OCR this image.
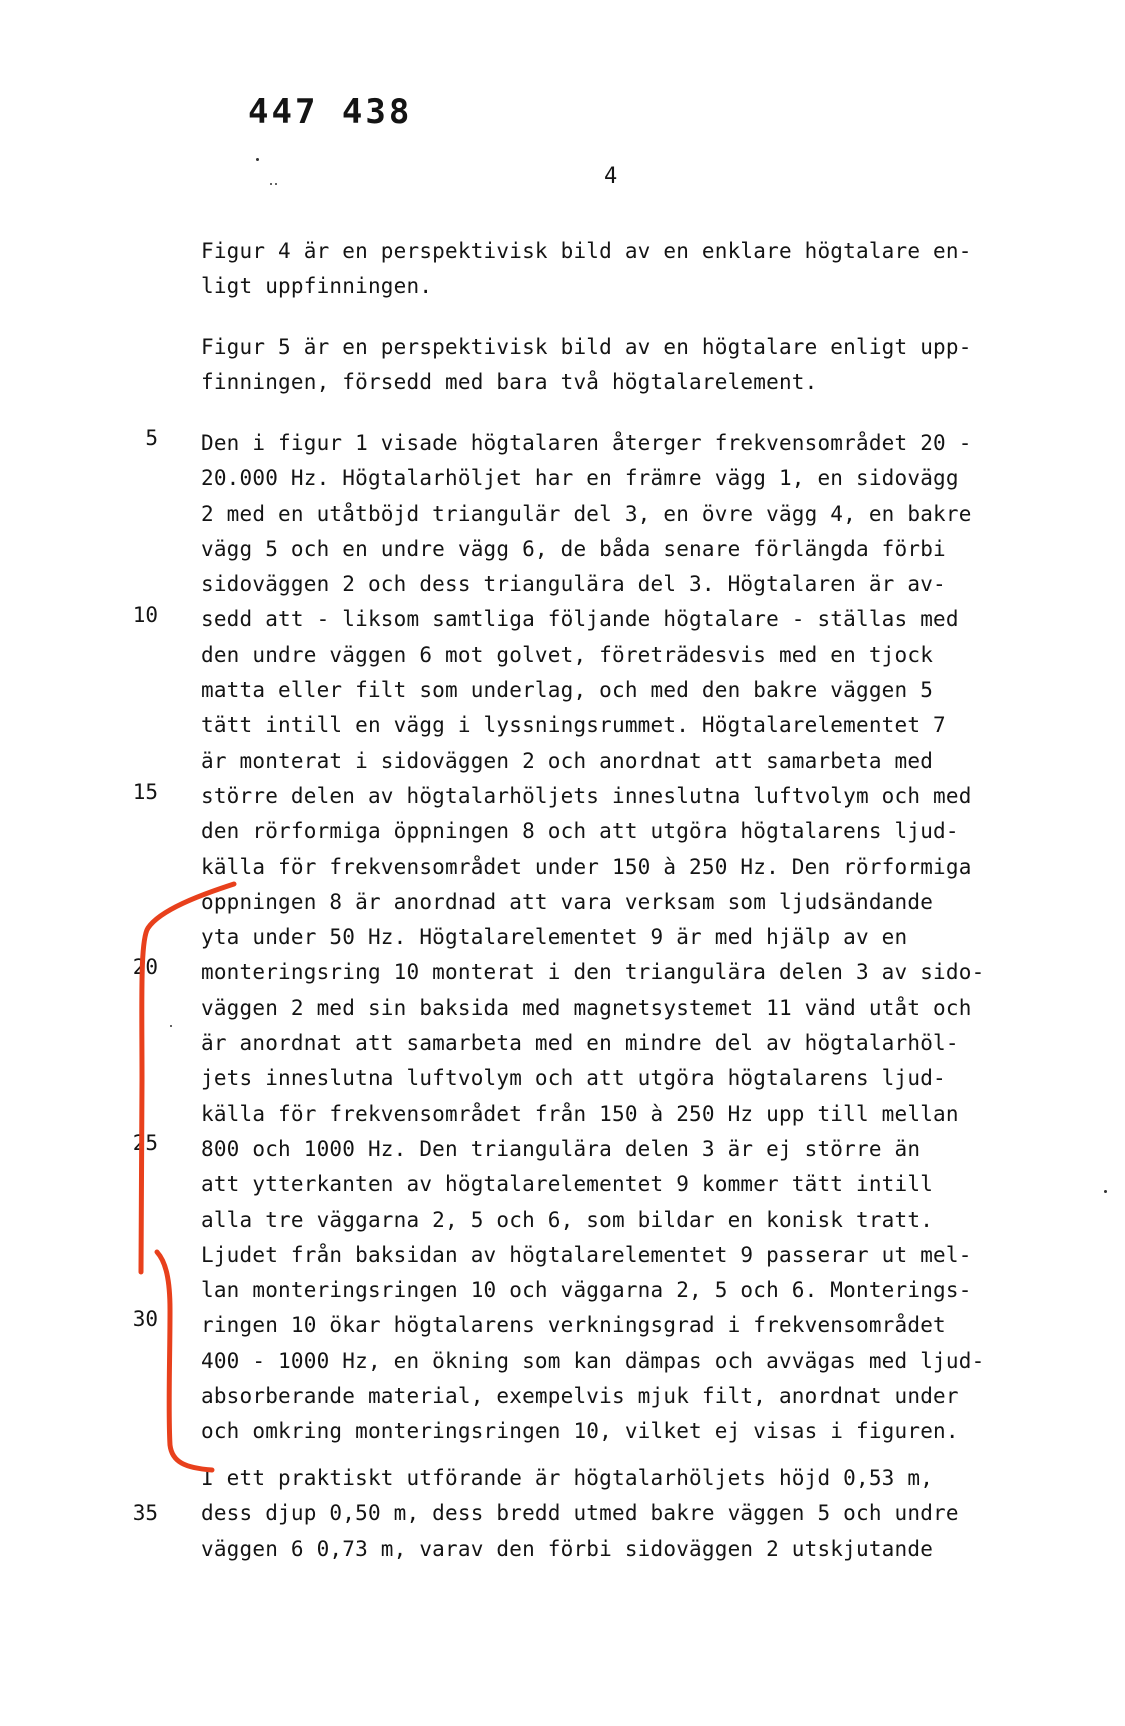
447 438
4
Figur 4 är en perspektivisk bild av en enklare högtalare en-
ligt uppfinningen.
Figur 5 är en perspektivisk bild av en högtalare enligt upp-
finningen, försedd med bara två högtalarelement.
Den i figur 1 visade högtalaren återger frekvensområdet 20 -
20.000 Hz. Högtalarhöljet har en främre vägg 1, en sidovägg
2 med en utåtböjd triangulär del 3, en övre vägg 4, en bakre
vägg 5 och en undre vägg 6, de båda senare förlängda förbi
sidoväggen 2 och dess triangulära del 3. Högtalaren är av-
sedd att - liksom samtliga följande högtalare - ställas med
den undre väggen 6 mot golvet, företrädesvis med en tjock
matta eller filt som underlag, och med den bakre väggen 5
tätt intill en vägg i lyssningsrummet. Högtalarelementet 7
är monterat i sidoväggen 2 och anordnat att samarbeta med
större delen av högtalarhöljets inneslutna luftvolym och med
den rörformiga öppningen 8 och att utgöra högtalarens ljud-
källa för frekvensområdet under 150 à 250 Hz. Den rörformiga
öppningen 8 är anordnad att vara verksam som ljudsändande
yta under 50 Hz. Högtalarelementet 9 är med hjälp av en
monteringsring 10 monterat i den triangulära delen 3 av sido-
väggen 2 med sin baksida med magnetsystemet 11 vänd utåt och
är anordnat att samarbeta med en mindre del av högtalarhöl-
jets inneslutna luftvolym och att utgöra högtalarens ljud-
källa för frekvensområdet från 150 à 250 Hz upp till mellan
800 och 1000 Hz. Den triangulära delen 3 är ej större än
att ytterkanten av högtalarelementet 9 kommer tätt intill
alla tre väggarna 2, 5 och 6, som bildar en konisk tratt.
Ljudet från baksidan av högtalarelementet 9 passerar ut mel-
lan monteringsringen 10 och väggarna 2, 5 och 6. Monterings-
ringen 10 ökar högtalarens verkningsgrad i frekvensområdet
400 - 1000 Hz, en ökning som kan dämpas och avvägas med ljud-
absorberande material, exempelvis mjuk filt, anordnat under
och omkring monteringsringen 10, vilket ej visas i figuren.
I ett praktiskt utförande är högtalarhöljets höjd 0,53 m,
dess djup 0,50 m, dess bredd utmed bakre väggen 5 och undre
väggen 6 0,73 m, varav den förbi sidoväggen 2 utskjutande
5
10
15
20
25
30
35
